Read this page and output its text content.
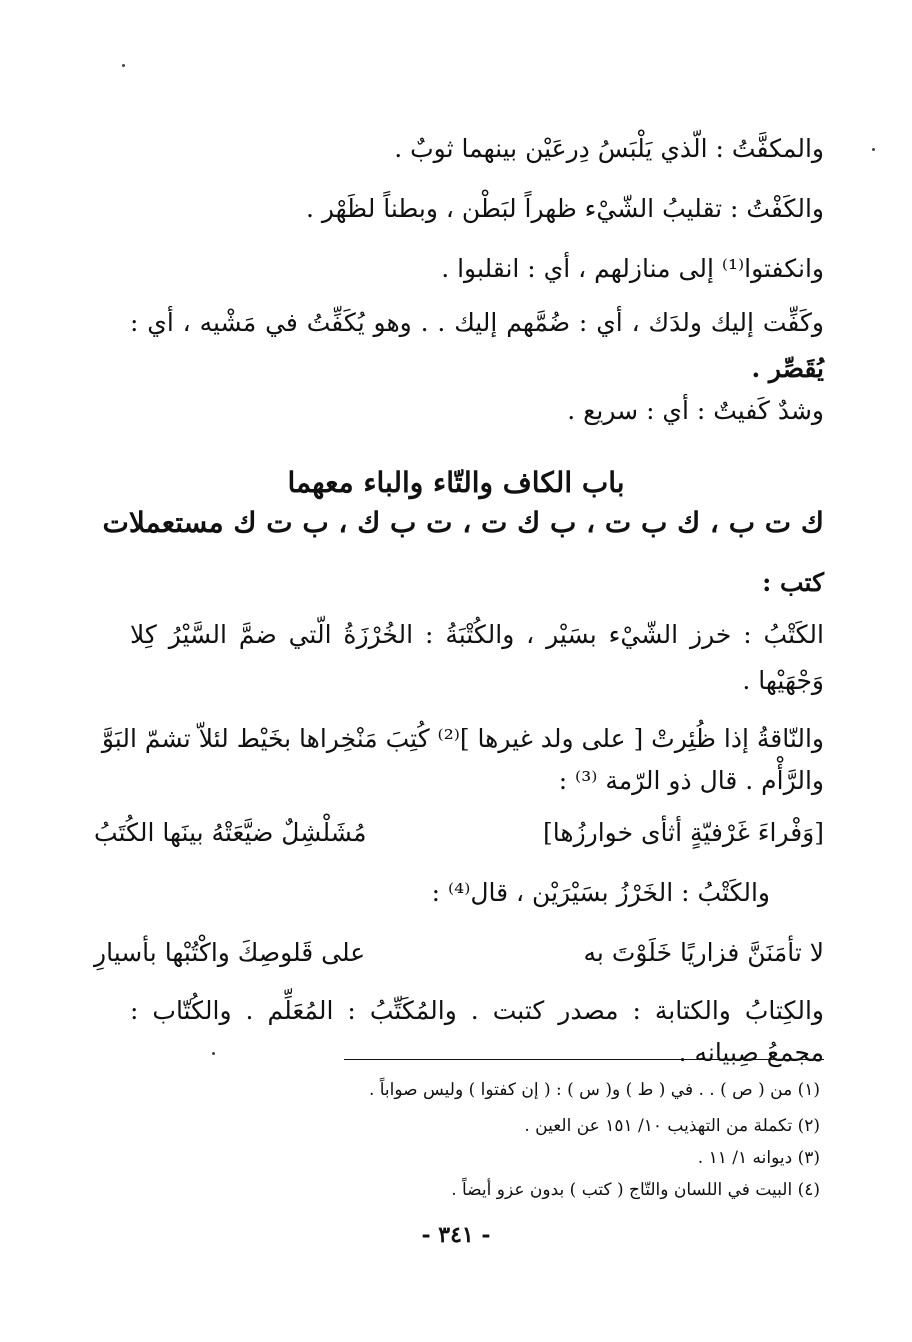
والمكفَّتُ : الّذي يَلْبَسُ دِرعَيْن بينهما ثوبٌ .
والكَفْتُ : تقليبُ الشّيْء ظهراً لبَطْن ، وبطناً لظَهْر .
وانكفتوا⁽¹⁾ إلى منازلهم ، أي : انقلبوا .
وكَفِّت إليك ولدَك ، أي : ضُمَّهم إليك . . وهو يُكَفِّتُ في مَشْيه ، أي :
يُقَصِّر .
وشدٌ كَفيتٌ : أي : سريع .
باب الكاف والتّاء والباء معهما
ك ت ب ، ك ب ت ، ب ك ت ، ت ب ك ، ب ت ك مستعملات
كتب :
الكَتْبُ : خرز الشّيْء بسَيْر ، والكُتْبَةُ : الخُرْزَةُ الّتي ضمَّ السَّيْرُ كِلا
وَجْهَيْها .
والنّاقةُ إذا ظُئِرتْ [ على ولد غيرها ]⁽²⁾ كُتِبَ مَنْخِراها بخَيْط لئلاّ تشمّ البَوَّ
والرَّأْم . قال ذو الرّمة ⁽³⁾ :
[وَفْراءَ غَرْفيّةٍ أثأى خوارزُها]
مُشَلْشِلٌ ضيَّعَتْهُ بينَها الكُتَبُ
والكَتْبُ : الخَرْزُ بسَيْرَيْن ، قال⁽⁴⁾ :
لا تأمَنَنَّ فزاريًا خَلَوْتَ به
على قَلوصِكَ واكْتُبْها بأسيارِ
والكِتابُ والكتابة : مصدر كتبت . والمُكَتِّبُ : المُعَلِّم . والكُتّاب :
مجمعُ صِبيانه .
(١) من ( ص ) . . في ( ط ) و( س ) : ( إن كفتوا ) وليس صواباً .
(٢) تكملة من التهذيب ١٠/ ١٥١ عن العين .
(٣) ديوانه ١/ ١١ .
(٤) البيت في اللسان والتّاج ( كتب ) بدون عزو أيضاً .
- ٣٤١ -
